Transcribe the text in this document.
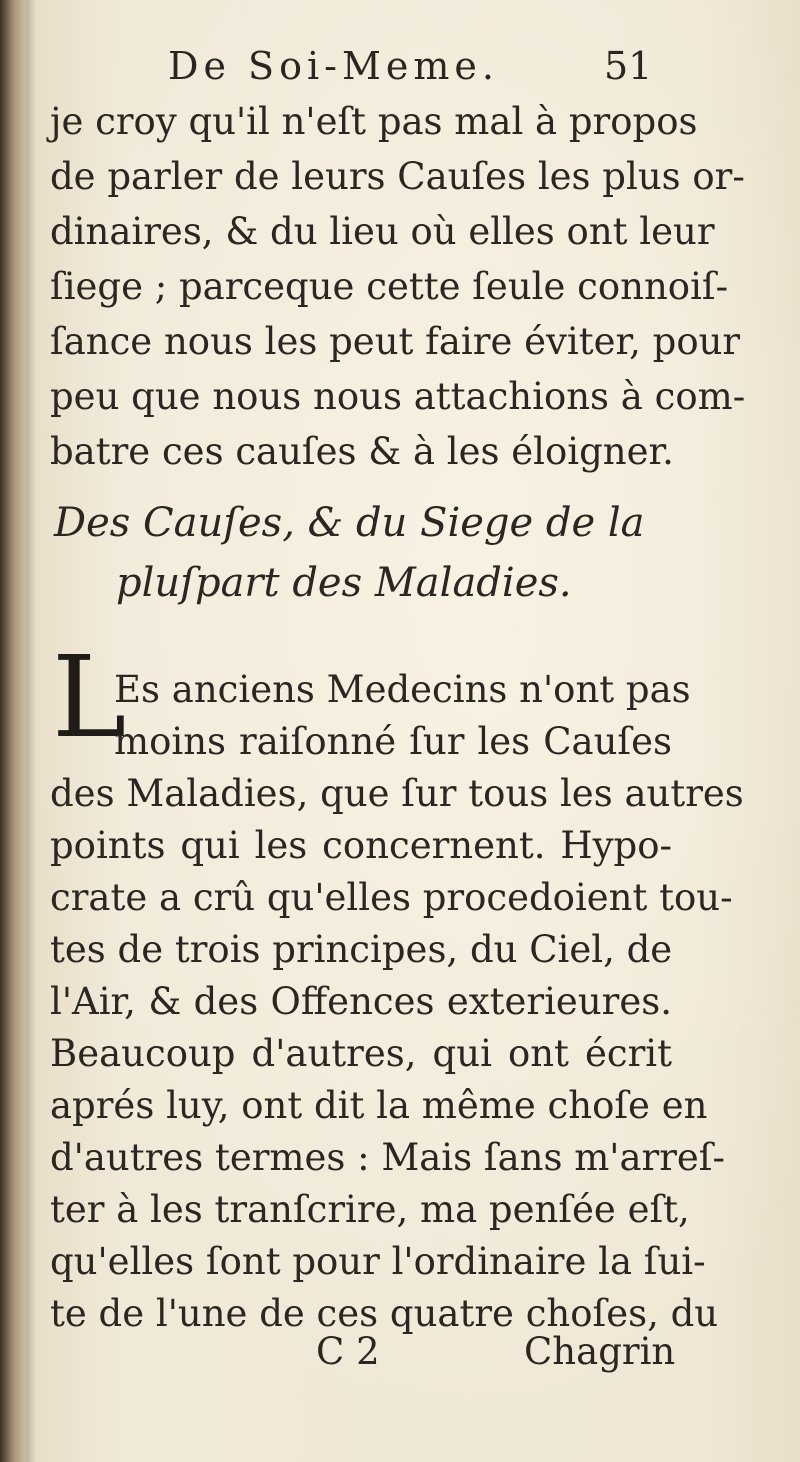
De Soi-Meme.	51
je croy qu'il n'eſt pas mal à propos
de parler de leurs Cauſes les plus or-
dinaires, & du lieu où elles ont leur
ſiege ; parceque cette ſeule connoiſ-
ſance nous les peut faire éviter, pour
peu que nous nous attachions à com-
batre ces cauſes & à les éloigner.
Des Cauſes, & du Siege de la
pluſpart des Maladies.
L
Es anciens Medecins n'ont pas
moins raiſonné ſur les Cauſes
des Maladies, que ſur tous les autres
points qui les concernent. Hypo-
crate a crû qu'elles procedoient tou-
tes de trois principes, du Ciel, de
l'Air, & des Offences exterieures.
Beaucoup d'autres, qui ont écrit
aprés luy, ont dit la même choſe en
d'autres termes : Mais ſans m'arreſ-
ter à les tranſcrire, ma penſée eſt,
qu'elles ſont pour l'ordinaire la ſui-
C 2	Chagrin
te de l'une de ces quatre choſes, du
